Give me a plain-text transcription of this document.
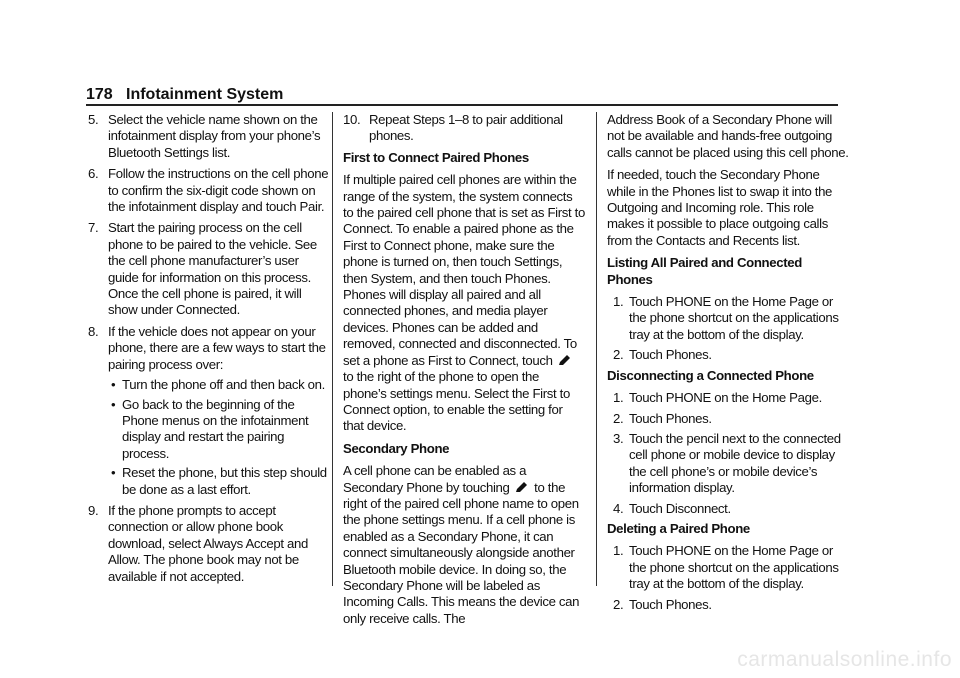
178 Infotainment System
5. Select the vehicle name shown on the infotainment display from your phone’s Bluetooth Settings list.
6. Follow the instructions on the cell phone to confirm the six-digit code shown on the infotainment display and touch Pair.
7. Start the pairing process on the cell phone to be paired to the vehicle. See the cell phone manufacturer’s user guide for information on this process. Once the cell phone is paired, it will show under Connected.
8. If the vehicle does not appear on your phone, there are a few ways to start the pairing process over:
• Turn the phone off and then back on.
• Go back to the beginning of the Phone menus on the infotainment display and restart the pairing process.
• Reset the phone, but this step should be done as a last effort.
9. If the phone prompts to accept connection or allow phone book download, select Always Accept and Allow. The phone book may not be available if not accepted.
10. Repeat Steps 1–8 to pair additional phones.
First to Connect Paired Phones
If multiple paired cell phones are within the range of the system, the system connects to the paired cell phone that is set as First to Connect. To enable a paired phone as the First to Connect phone, make sure the phone is turned on, then touch Settings, then System, and then touch Phones. Phones will display all paired and all connected phones, and media player devices. Phones can be added and removed, connected and disconnected. To set a phone as First to Connect, touch  to the right of the phone to open the phone’s settings menu. Select the First to Connect option, to enable the setting for that device.
Secondary Phone
A cell phone can be enabled as a Secondary Phone by touching to the right of the paired cell phone name to open the phone settings menu. If a cell phone is enabled as a Secondary Phone, it can connect simultaneously alongside another Bluetooth mobile device. In doing so, the Secondary Phone will be labeled as Incoming Calls. This means the device can only receive calls. The
Address Book of a Secondary Phone will not be available and hands-free outgoing calls cannot be placed using this cell phone.
If needed, touch the Secondary Phone while in the Phones list to swap it into the Outgoing and Incoming role. This role makes it possible to place outgoing calls from the Contacts and Recents list.
Listing All Paired and Connected Phones
1. Touch PHONE on the Home Page or the phone shortcut on the applications tray at the bottom of the display.
2. Touch Phones.
Disconnecting a Connected Phone
1. Touch PHONE on the Home Page.
2. Touch Phones.
3. Touch the pencil next to the connected cell phone or mobile device to display the cell phone’s or mobile device’s information display.
4. Touch Disconnect.
Deleting a Paired Phone
1. Touch PHONE on the Home Page or the phone shortcut on the applications tray at the bottom of the display.
2. Touch Phones.
carmanualsonline.info
